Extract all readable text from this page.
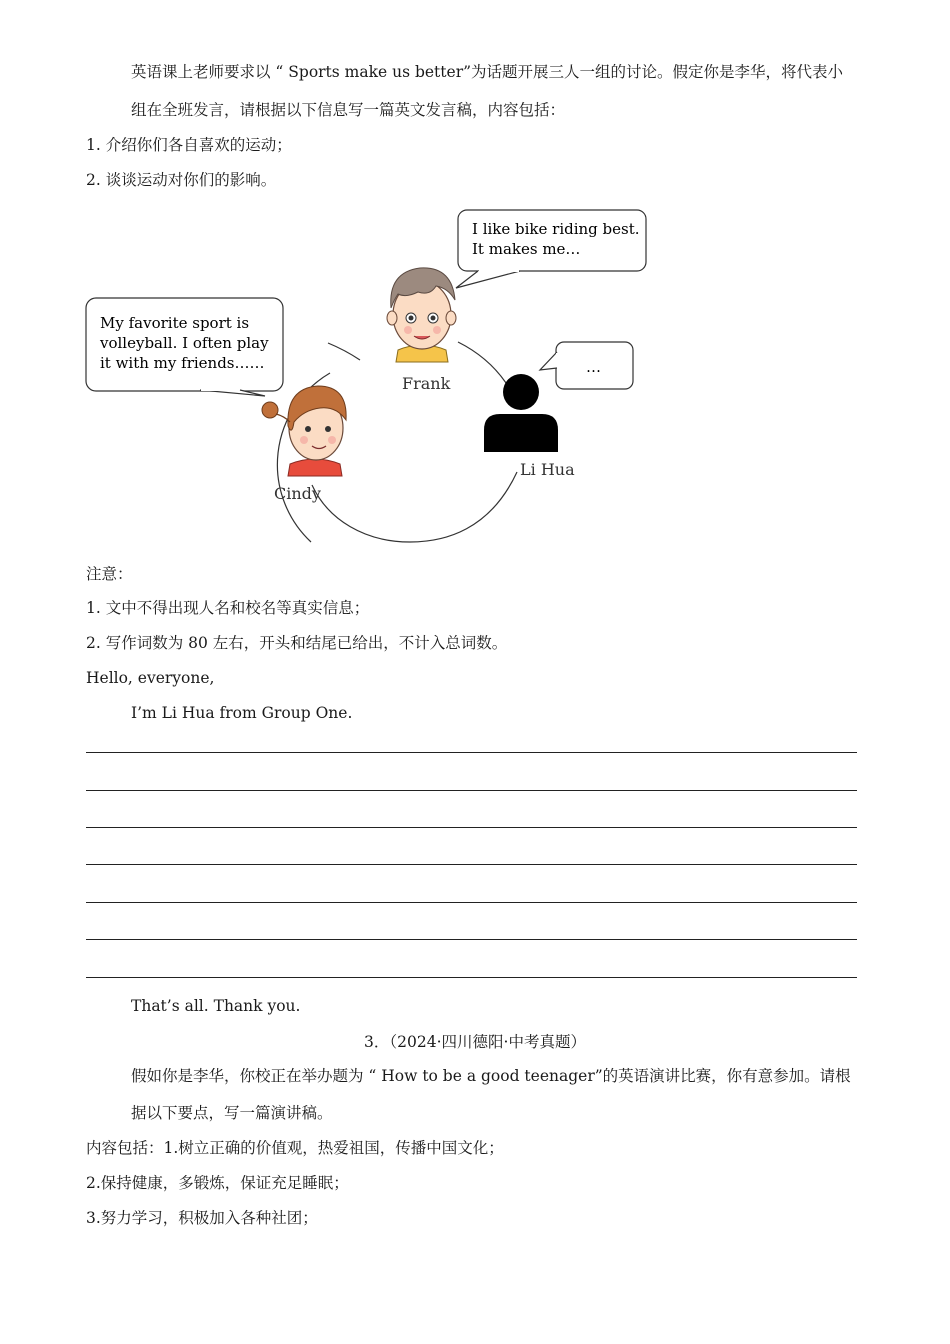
英语课上老师要求以 “ Sports make us better”为话题开展三人一组的讨论。假定你是李华，将代表小
组在全班发言，请根据以下信息写一篇英文发言稿，内容包括：
1. 介绍你们各自喜欢的运动；
2. 谈谈运动对你们的影响。
I like bike riding best.
It makes me…
My favorite sport is
volleyball. I often play
it with my friends……	…
Frank
Cindy
Li Hua
注意：
1. 文中不得出现人名和校名等真实信息；
2. 写作词数为 80 左右，开头和结尾已给出，不计入总词数。
Hello, everyone,
I’m Li Hua from Group One.
That’s all. Thank you.
3．（2024·四川德阳·中考真题）
假如你是李华，你校正在举办题为 “ How to be a good teenager”的英语演讲比赛，你有意参加。请根
据以下要点，写一篇演讲稿。
内容包括：1.树立正确的价值观，热爱祖国，传播中国文化；
2.保持健康，多锻炼，保证充足睡眠；
3.努力学习，积极加入各种社团；
